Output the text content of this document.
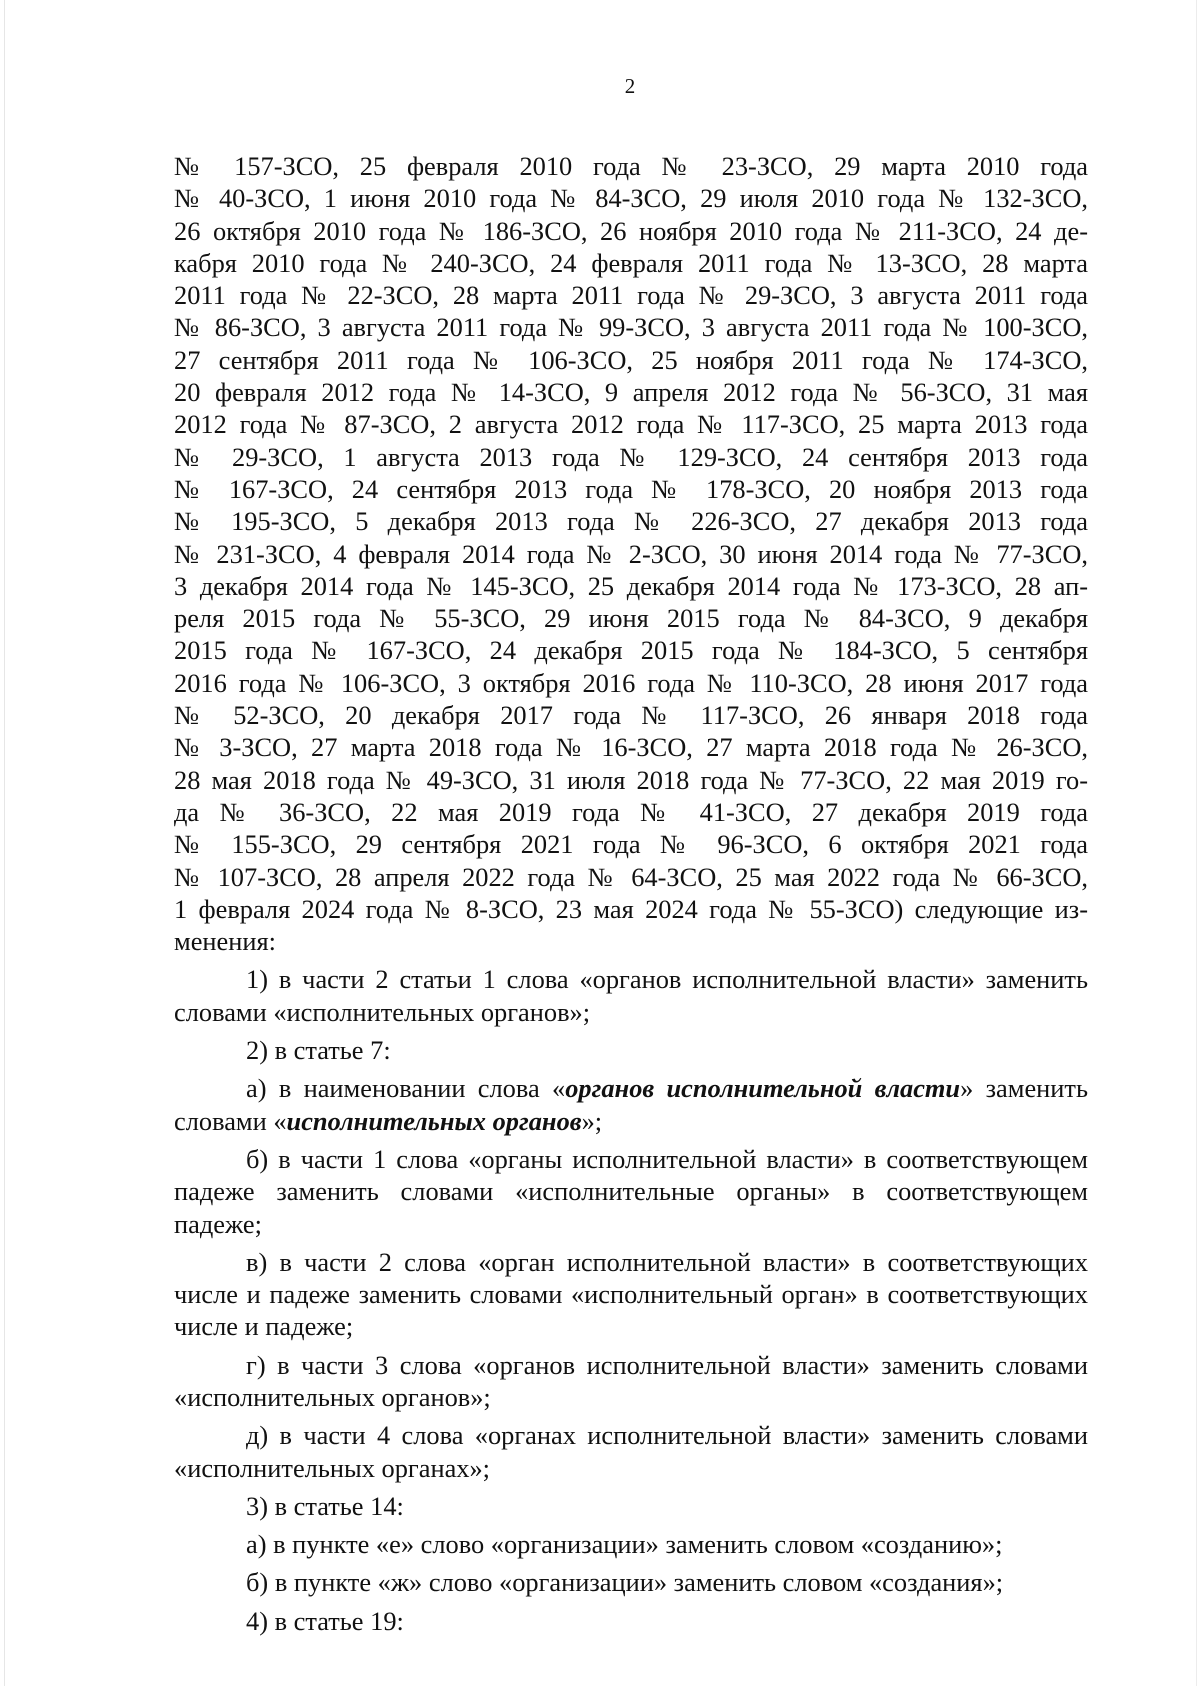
2

№ 157-ЗСО, 25 февраля 2010 года № 23-ЗСО, 29 марта 2010 года

№ 40-ЗСО, 1 июня 2010 года № 84-ЗСО, 29 июля 2010 года № 132-ЗСО,

26 октября 2010 года № 186-ЗСО, 26 ноября 2010 года № 211-ЗСО, 24 де-

кабря 2010 года № 240-ЗСО, 24 февраля 2011 года № 13-ЗСО, 28 марта

2011 года № 22-ЗСО, 28 марта 2011 года № 29-ЗСО, 3 августа 2011 года

№ 86-ЗСО, 3 августа 2011 года № 99-ЗСО, 3 августа 2011 года № 100-ЗСО,

27 сентября 2011 года № 106-ЗСО, 25 ноября 2011 года № 174-ЗСО,

20 февраля 2012 года № 14-ЗСО, 9 апреля 2012 года № 56-ЗСО, 31 мая

2012 года № 87-ЗСО, 2 августа 2012 года № 117-ЗСО, 25 марта 2013 года

№ 29-ЗСО, 1 августа 2013 года № 129-ЗСО, 24 сентября 2013 года

№ 167-ЗСО, 24 сентября 2013 года № 178-ЗСО, 20 ноября 2013 года

№ 195-ЗСО, 5 декабря 2013 года № 226-ЗСО, 27 декабря 2013 года

№ 231-ЗСО, 4 февраля 2014 года № 2-ЗСО, 30 июня 2014 года № 77-ЗСО,

3 декабря 2014 года № 145-ЗСО, 25 декабря 2014 года № 173-ЗСО, 28 ап-

реля 2015 года № 55-ЗСО, 29 июня 2015 года № 84-ЗСО, 9 декабря

2015 года № 167-ЗСО, 24 декабря 2015 года № 184-ЗСО, 5 сентября

2016 года № 106-ЗСО, 3 октября 2016 года № 110-ЗСО, 28 июня 2017 года

№ 52-ЗСО, 20 декабря 2017 года № 117-ЗСО, 26 января 2018 года

№ 3-ЗСО, 27 марта 2018 года № 16-ЗСО, 27 марта 2018 года № 26-ЗСО,

28 мая 2018 года № 49-ЗСО, 31 июля 2018 года № 77-ЗСО, 22 мая 2019 го-

да № 36-ЗСО, 22 мая 2019 года № 41-ЗСО, 27 декабря 2019 года

№ 155-ЗСО, 29 сентября 2021 года № 96-ЗСО, 6 октября 2021 года

№ 107-ЗСО, 28 апреля 2022 года № 64-ЗСО, 25 мая 2022 года № 66-ЗСО,

1 февраля 2024 года № 8-ЗСО, 23 мая 2024 года № 55-ЗСО) следующие из-

менения:

1) в части 2 статьи 1 слова «органов исполнительной власти» заменить словами «исполнительных органов»;

2) в статье 7:

а) в наименовании слова «органов исполнительной власти» заменить словами «исполнительных органов»;

б) в части 1 слова «органы исполнительной власти» в соответствующем падеже заменить словами «исполнительные органы» в соответствующем падеже;

в) в части 2 слова «орган исполнительной власти» в соответствующих числе и падеже заменить словами «исполнительный орган» в соответствующих числе и падеже;

г) в части 3 слова «органов исполнительной власти» заменить словами «исполнительных органов»;

д) в части 4 слова «органах исполнительной власти» заменить словами «исполнительных органах»;

3) в статье 14:

а) в пункте «е» слово «организации» заменить словом «созданию»;

б) в пункте «ж» слово «организации» заменить словом «создания»;

4) в статье 19:
